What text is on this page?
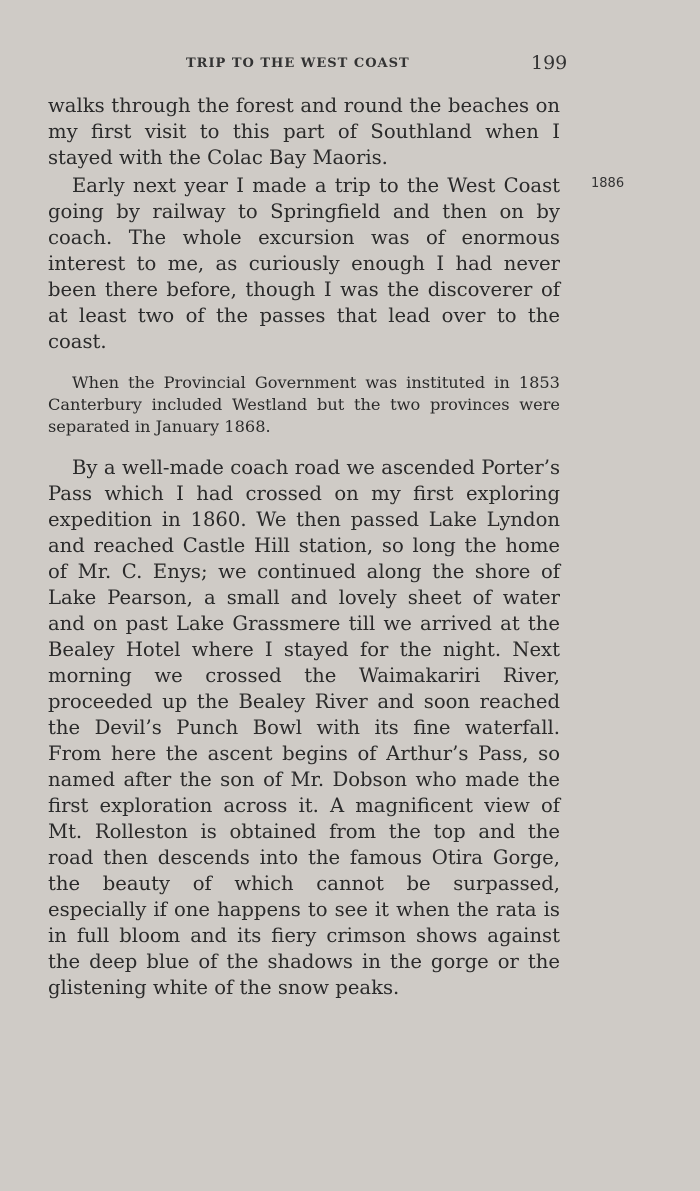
TRIP TO THE WEST COAST	199
1886

walks through the forest and round the beaches on my first visit to this part of Southland when I stayed with the Colac Bay Maoris.

Early next year I made a trip to the West Coast going by railway to Springfield and then on by coach. The whole excursion was of enormous interest to me, as curiously enough I had never been there before, though I was the discoverer of at least two of the passes that lead over to the coast.

When the Provincial Government was instituted in 1853 Canterbury included Westland but the two provinces were separated in January 1868.

By a well-made coach road we ascended Porter’s Pass which I had crossed on my first exploring expedition in 1860. We then passed Lake Lyndon and reached Castle Hill station, so long the home of Mr. C. Enys; we continued along the shore of Lake Pearson, a small and lovely sheet of water and on past Lake Grassmere till we arrived at the Bealey Hotel where I stayed for the night. Next morning we crossed the Waimakariri River, proceeded up the Bealey River and soon reached the Devil’s Punch Bowl with its fine waterfall. From here the ascent begins of Arthur’s Pass, so named after the son of Mr. Dobson who made the first exploration across it. A magnificent view of Mt. Rolleston is obtained from the top and the road then descends into the famous Otira Gorge, the beauty of which cannot be surpassed, especially if one happens to see it when the rata is in full bloom and its fiery crimson shows against the deep blue of the shadows in the gorge or the glistening white of the snow peaks.
